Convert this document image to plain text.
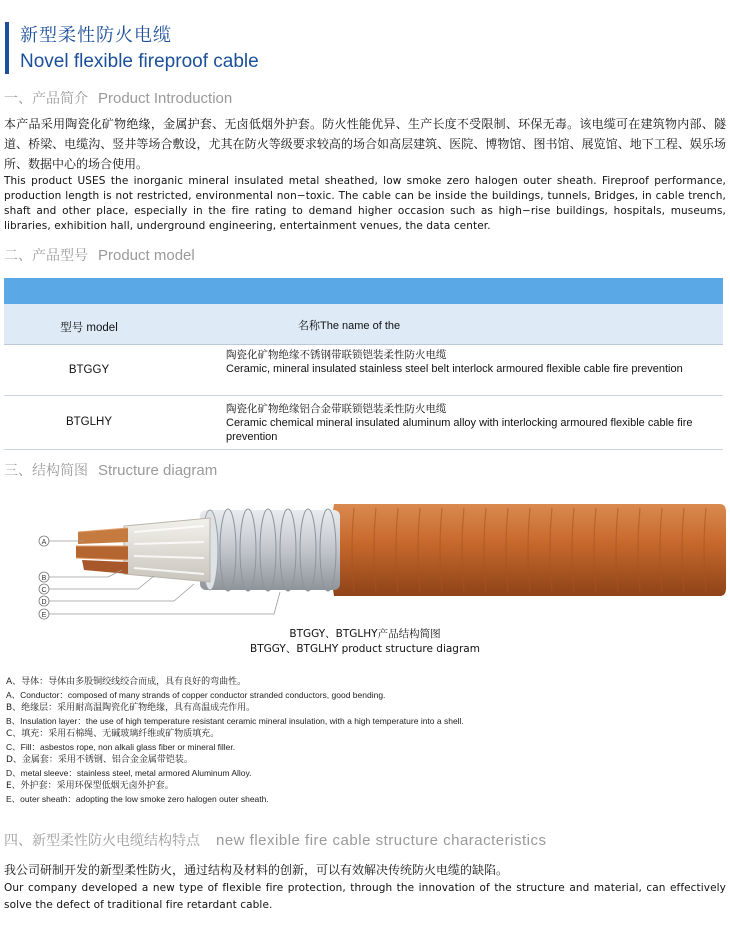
新型柔性防火电缆
Novel flexible fireproof cable
一、产品简介 Product Introduction
本产品采用陶瓷化矿物绝缘，金属护套、无卤低烟外护套。防火性能优异、生产长度不受限制、环保无毒。该电缆可在建筑物内部、隧道、桥梁、电缆沟、竖井等场合敷设，尤其在防火等级要求较高的场合如高层建筑、医院、博物馆、图书馆、展览馆、地下工程、娱乐场所、数据中心的场合使用。
This product USES the inorganic mineral insulated metal sheathed, low smoke zero halogen outer sheath. Fireproof performance, production length is not restricted, environmental non−toxic. The cable can be inside the buildings, tunnels, Bridges, in cable trench, shaft and other place, especially in the fire rating to demand higher occasion such as high−rise buildings, hospitals, museums, libraries, exhibition hall, underground engineering, entertainment venues, the data center.
二、产品型号 Product model
型号 model	名称The name of the
BTGGY
陶瓷化矿物绝缘不锈钢带联锁铠装柔性防火电缆
Ceramic, mineral insulated stainless steel belt interlock armoured flexible cable fire prevention
BTGLHY
陶瓷化矿物绝缘铝合金带联锁铠装柔性防火电缆
Ceramic chemical mineral insulated aluminum alloy with interlocking armoured flexible cable fire prevention
三、结构简图 Structure diagram
A
B
C
D
E
BTGGY、BTGLHY产品结构简图
BTGGY、BTGLHY product structure diagram
A、导体：导体由多股铜绞线绞合而成，具有良好的弯曲性。
A、Conductor：composed of many strands of copper conductor stranded conductors, good bending.
B、绝缘层：采用耐高温陶瓷化矿物绝缘，具有高温成壳作用。
B、Insulation layer：the use of high temperature resistant ceramic mineral insulation, with a high temperature into a shell.
C、填充：采用石棉绳、无碱玻璃纤维或矿物质填充。
C、Fill：asbestos rope, non alkali glass fiber or mineral filler.
D、金属套：采用不锈钢、铝合金金属带铠装。
D、metal sleeve：stainless steel, metal armored Aluminum Alloy.
E、外护套：采用环保型低烟无卤外护套。
E、outer sheath：adopting the low smoke zero halogen outer sheath.
四、新型柔性防火电缆结构特点 new flexible fire cable structure characteristics
我公司研制开发的新型柔性防火，通过结构及材料的创新，可以有效解决传统防火电缆的缺陷。
Our company developed a new type of flexible fire protection, through the innovation of the structure and material, can effectively solve the defect of traditional fire retardant cable.
